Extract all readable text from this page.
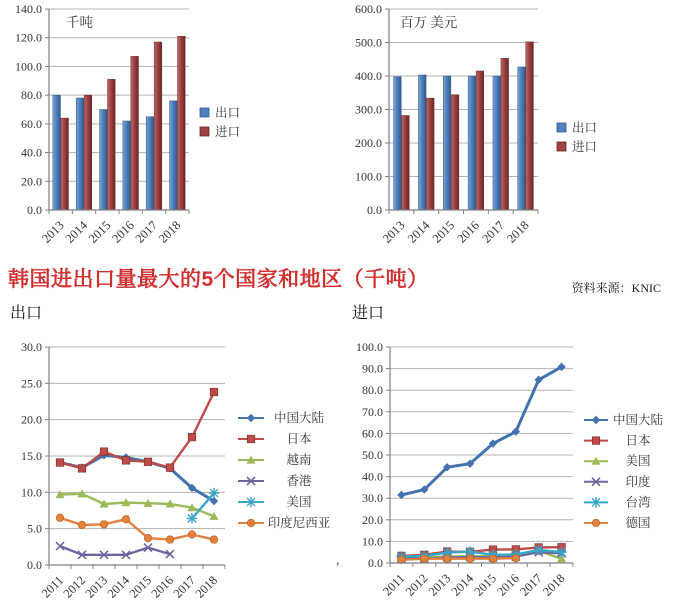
0.0
20.0
40.0
60.0
80.0
100.0
120.0
140.0
2013
2014
2015
2016
2017
2018
千吨
出口
进口
0.0
100.0
200.0
300.0
400.0
500.0
600.0
2013
2014
2015
2016
2017
2018
百万 美元
出口
进口
韩国进出口量最大的5个国家和地区（千吨）	资料来源：KNIC
出口	进口
,
0.0
5.0
10.0
15.0
20.0
25.0
30.0
2011
2012
2013
2014
2015
2016
2017
2018
中国大陆
日本
越南
香港
美国
印度尼西亚
0.0
10.0
20.0
30.0
40.0
50.0
60.0
70.0
80.0
90.0
100.0
2011
2012
2013
2014
2015
2016
2017
2018
中国大陆
日本
美国
印度
台湾
德国
